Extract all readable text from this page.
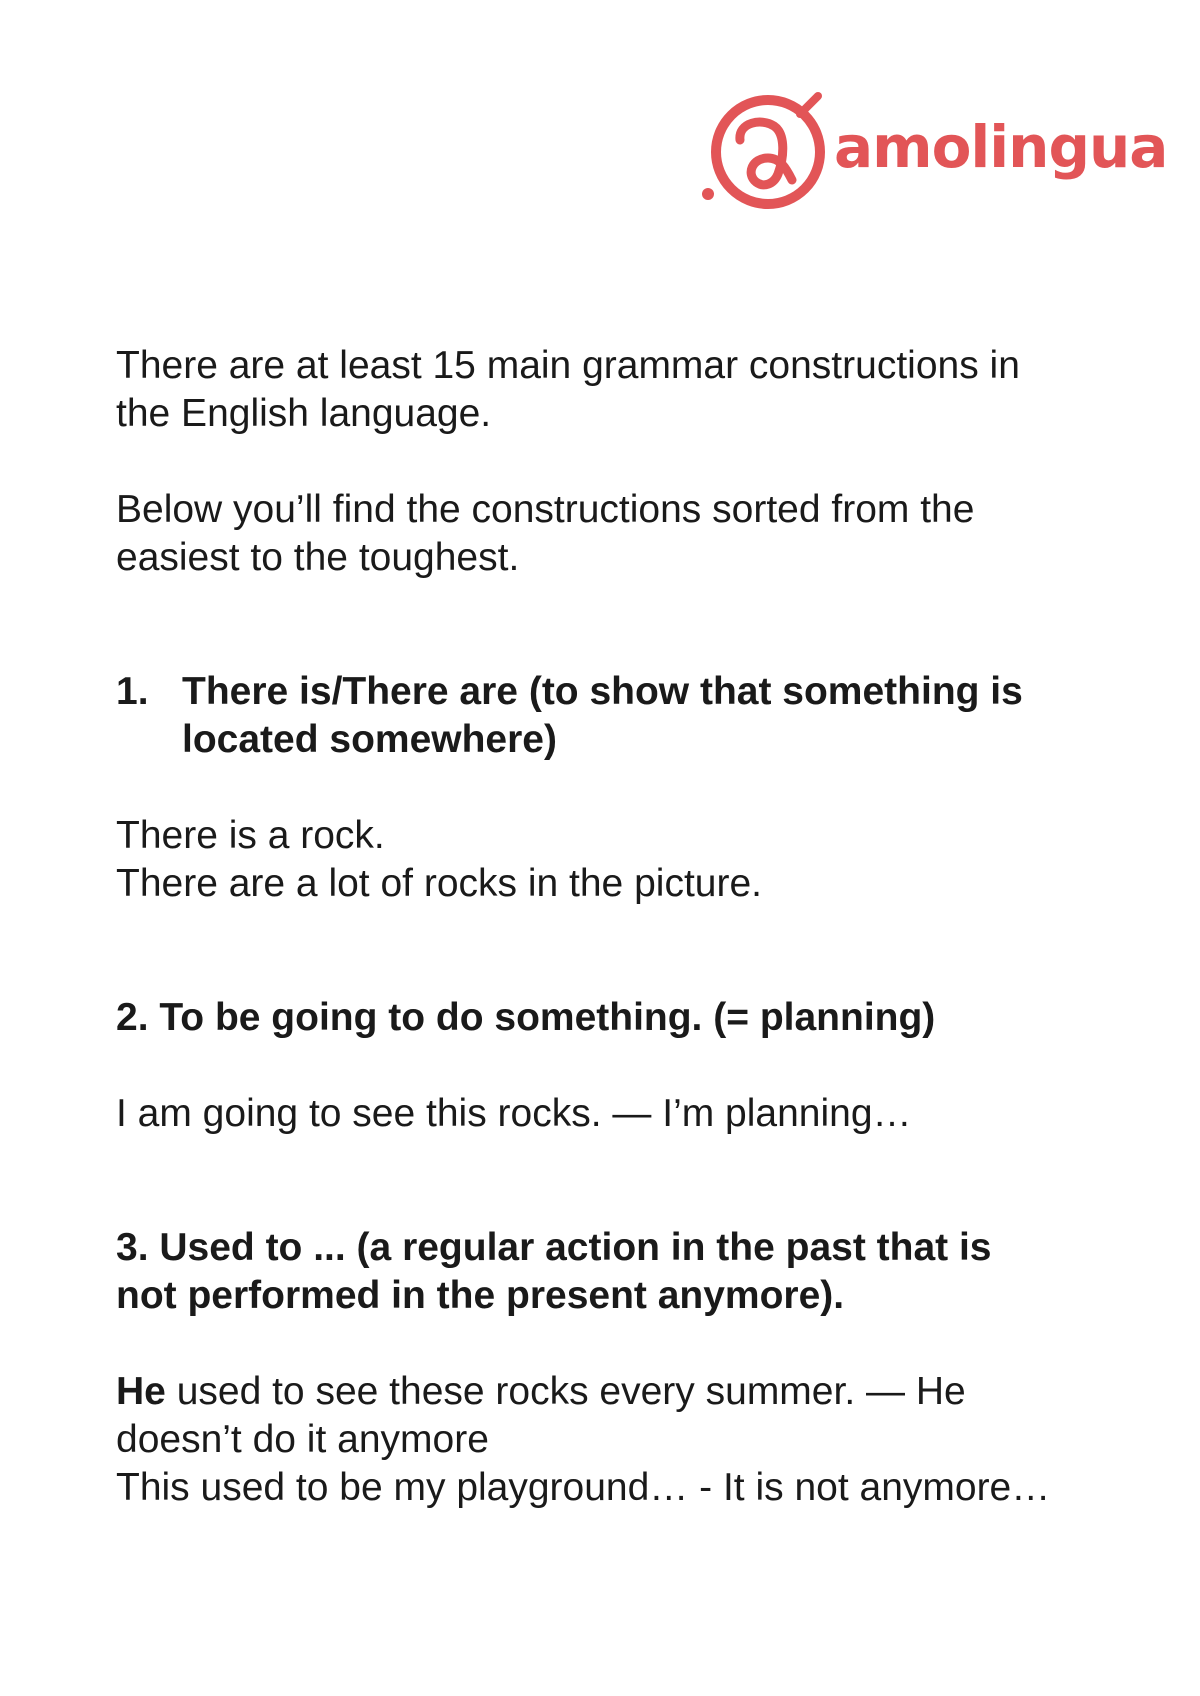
amolingua

There are at least 15 main grammar constructions in

the English language.

Below you’ll find the constructions sorted from the

easiest to the toughest.

1. There is/There are (to show that something is
located somewhere)

There is a rock.

There are a lot of rocks in the picture.

2. To be going to do something. (= planning)

I am going to see this rocks. — I’m planning…

3. Used to ... (a regular action in the past that is

not performed in the present anymore).

He used to see these rocks every summer. — He

doesn’t do it anymore

This used to be my playground… - It is not anymore…
